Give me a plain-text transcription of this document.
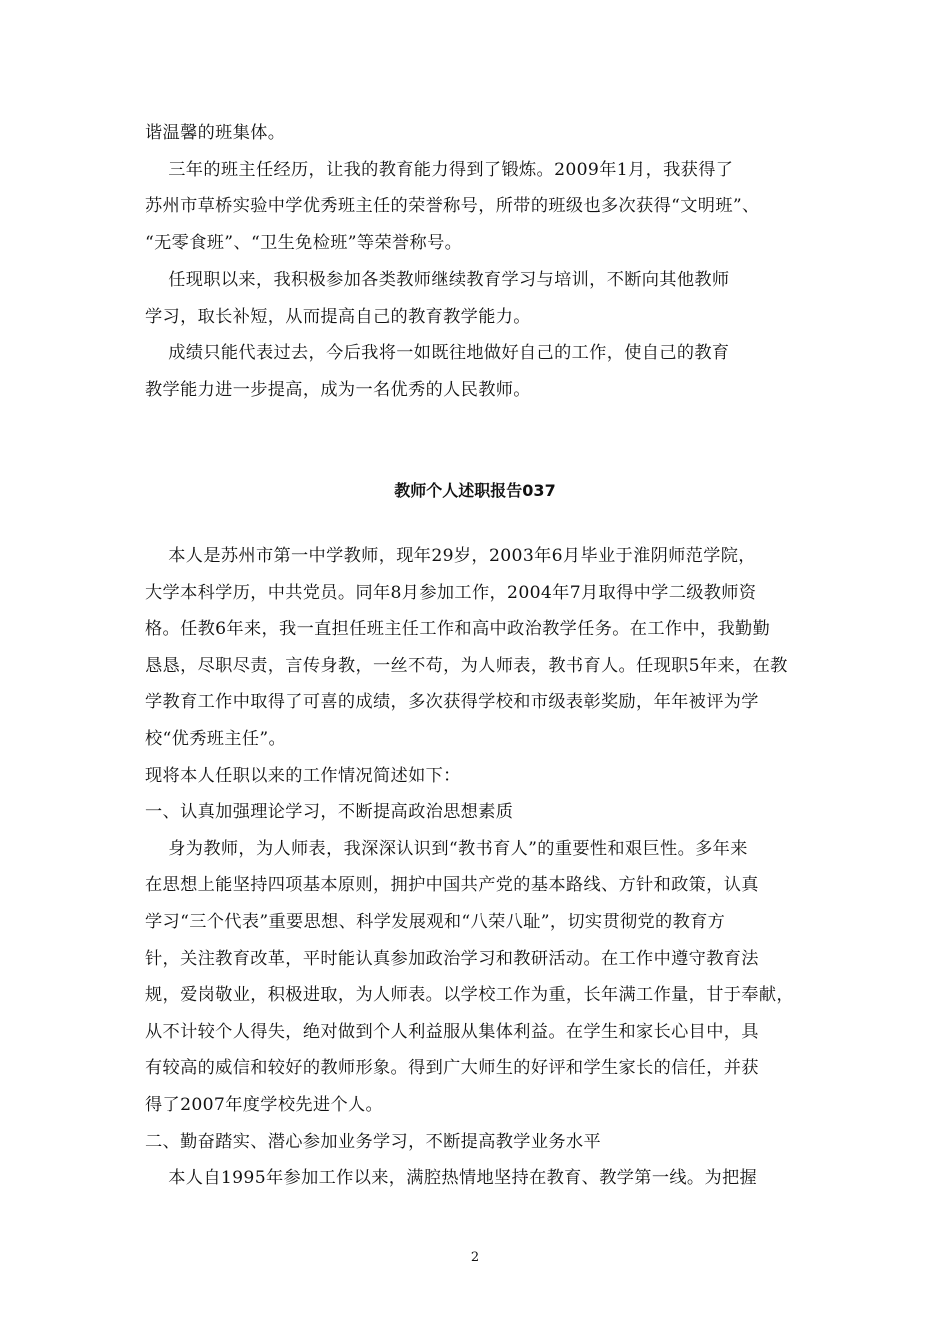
谐温馨的班集体。
三年的班主任经历，让我的教育能力得到了锻炼。2009年1月，我获得了
苏州市草桥实验中学优秀班主任的荣誉称号，所带的班级也多次获得“文明班”、
“无零食班”、“卫生免检班”等荣誉称号。
任现职以来，我积极参加各类教师继续教育学习与培训，不断向其他教师
学习，取长补短，从而提高自己的教育教学能力。
成绩只能代表过去，今后我将一如既往地做好自己的工作，使自己的教育
教学能力进一步提高，成为一名优秀的人民教师。
教师个人述职报告037
本人是苏州市第一中学教师，现年29岁，2003年6月毕业于淮阴师范学院，
大学本科学历，中共党员。同年8月参加工作，2004年7月取得中学二级教师资
格。任教6年来，我一直担任班主任工作和高中政治教学任务。在工作中，我勤勤
恳恳，尽职尽责，言传身教，一丝不苟，为人师表，教书育人。任现职5年来，在教
学教育工作中取得了可喜的成绩，多次获得学校和市级表彰奖励，年年被评为学
校“优秀班主任”。
现将本人任职以来的工作情况简述如下：
一、认真加强理论学习，不断提高政治思想素质
身为教师，为人师表，我深深认识到“教书育人”的重要性和艰巨性。多年来
在思想上能坚持四项基本原则，拥护中国共产党的基本路线、方针和政策，认真
学习“三个代表”重要思想、科学发展观和“八荣八耻”，切实贯彻党的教育方
针，关注教育改革，平时能认真参加政治学习和教研活动。在工作中遵守教育法
规，爱岗敬业，积极进取，为人师表。以学校工作为重，长年满工作量，甘于奉献，
从不计较个人得失，绝对做到个人利益服从集体利益。在学生和家长心目中，具
有较高的威信和较好的教师形象。得到广大师生的好评和学生家长的信任，并获
得了2007年度学校先进个人。
二、勤奋踏实、潜心参加业务学习，不断提高教学业务水平
本人自1995年参加工作以来，满腔热情地坚持在教育、教学第一线。为把握
2
